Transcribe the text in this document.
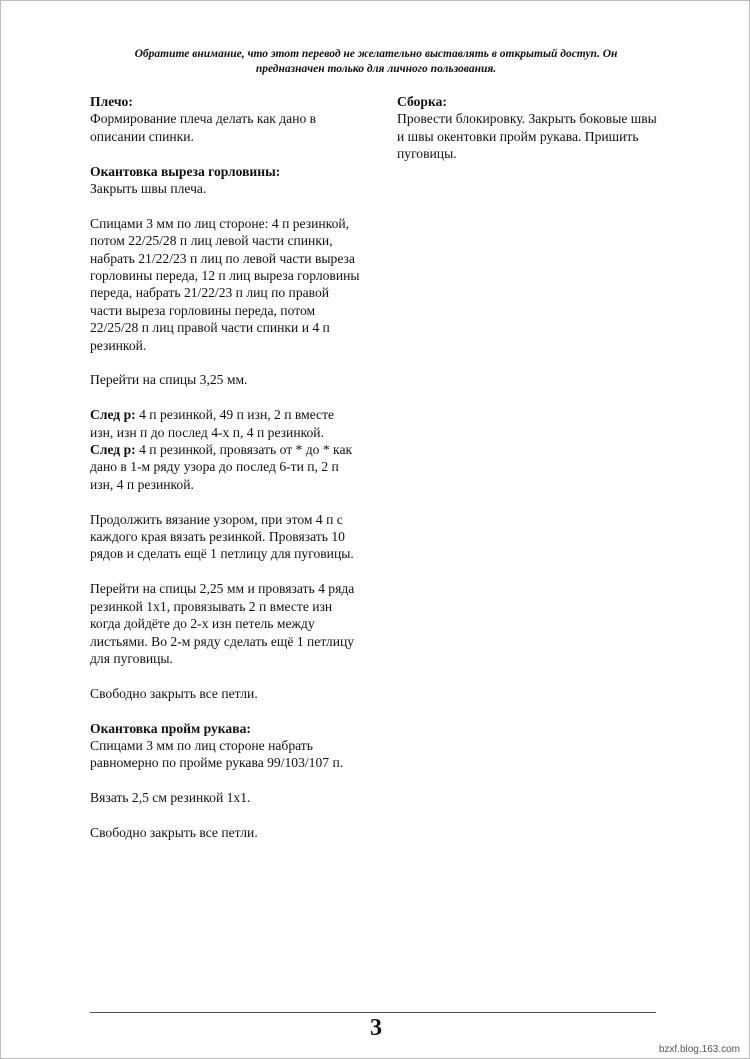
Обратите внимание, что этот перевод не желательно выставлять в открытый доступ. Он
предназначен только для личного пользования.

Плечо:
Формирование плеча делать как дано в описании спинки.

Окантовка выреза горловины:
Закрыть швы плеча.

Спицами 3 мм по лиц стороне: 4 п резинкой, потом 22/25/28 п лиц левой части спинки, набрать 21/22/23 п лиц по левой части выреза горловины переда, 12 п лиц выреза горловины переда, набрать 21/22/23 п лиц по правой части выреза горловины переда, потом 22/25/28 п лиц правой части спинки и 4 п резинкой.

Перейти на спицы 3,25 мм.

След р: 4 п резинкой, 49 п изн, 2 п вместе изн, изн п до послед 4-х п, 4 п резинкой.

След р: 4 п резинкой, провязать от * до * как дано в 1-м ряду узора до послед 6-ти п, 2 п изн, 4 п резинкой.

Продолжить вязание узором, при этом 4 п с каждого края вязать резинкой. Провязать 10 рядов и сделать ещё 1 петлицу для пуговицы.

Перейти на спицы 2,25 мм и провязать 4 ряда резинкой 1х1, провязывать 2 п вместе изн когда дойдёте до 2-х изн петель между листьями. Во 2-м ряду сделать ещё 1 петлицу для пуговицы.

Свободно закрыть все петли.

Окантовка пройм рукава:
Спицами 3 мм по лиц стороне набрать равномерно по пройме рукава 99/103/107 п.

Вязать 2,5 см резинкой 1х1.

Свободно закрыть все петли.

Сборка:
Провести блокировку. Закрыть боковые швы и швы окентовки пройм рукава. Пришить пуговицы.

3
bzxf.blog.163.com
